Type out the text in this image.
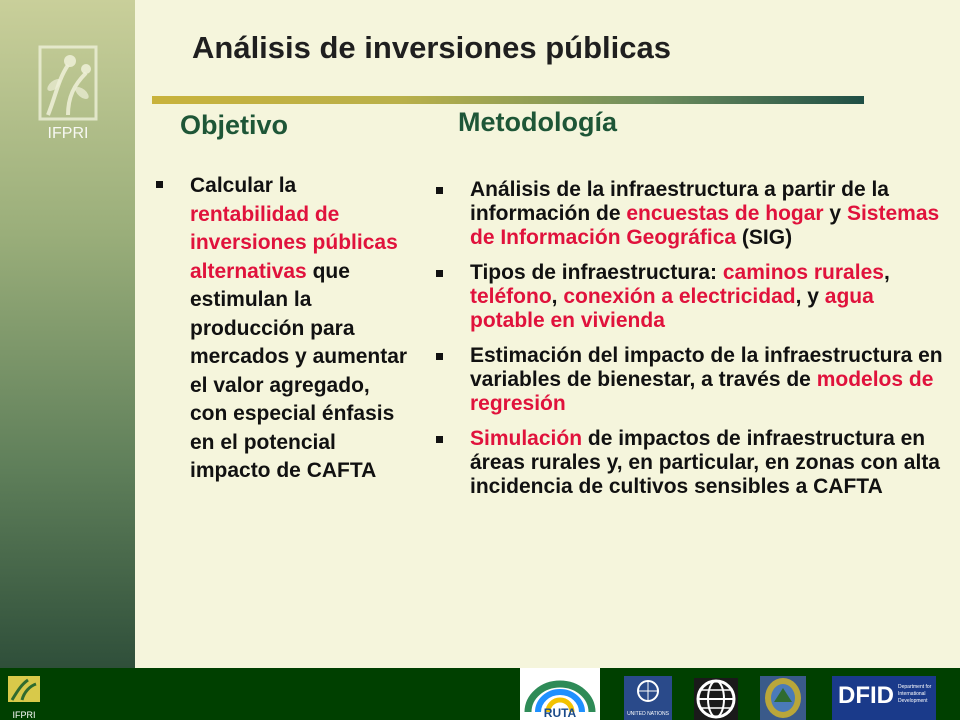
IFPRI
Análisis de inversiones públicas
Objetivo	Metodología
Calcular la rentabilidad de inversiones públicas alternativas que estimulan la producción para mercados y aumentar el valor agregado, con especial énfasis en el potencial impacto de CAFTA
Análisis de la infraestructura a partir de la información de encuestas de hogar y Sistemas de Información Geográfica (SIG)
Tipos de infraestructura: caminos rurales, teléfono, conexión a electricidad, y agua potable en vivienda
Estimación del impacto de la infraestructura en variables de bienestar, a través de modelos de regresión
Simulación de impactos de infraestructura en áreas rurales y, en particular, en zonas con alta incidencia de cultivos sensibles a CAFTA
IFPRI	RUTA	UNITED NATIONS
DFID Department for International Development
